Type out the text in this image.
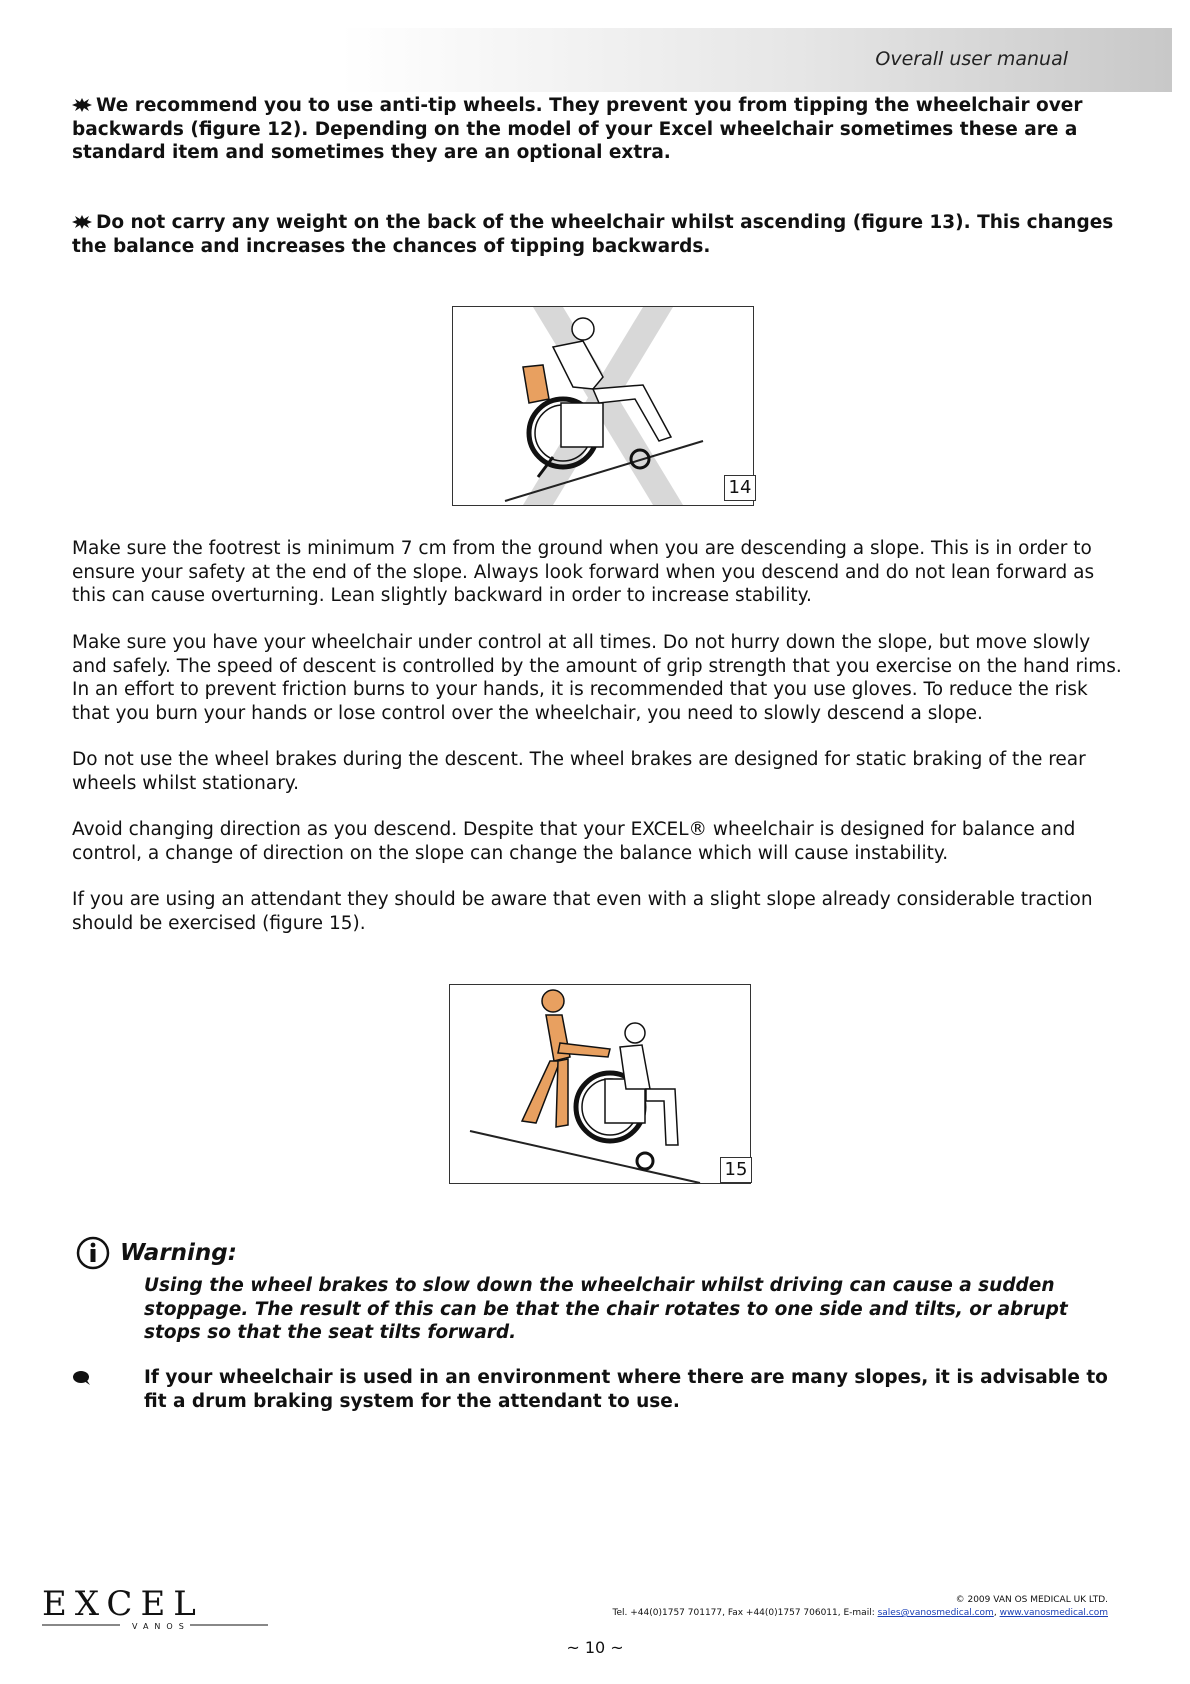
Overall user manual

We recommend you to use anti-tip wheels. They prevent you from tipping the wheelchair over backwards (figure 12). Depending on the model of your Excel wheelchair sometimes these are a standard item and sometimes they are an optional extra.

Do not carry any weight on the back of the wheelchair whilst ascending (figure 13). This changes the balance and increases the chances of tipping backwards.

14

Make sure the footrest is minimum 7 cm from the ground when you are descending a slope. This is in order to ensure your safety at the end of the slope. Always look forward when you descend and do not lean forward as this can cause overturning. Lean slightly backward in order to increase stability.

Make sure you have your wheelchair under control at all times. Do not hurry down the slope, but move slowly and safely. The speed of descent is controlled by the amount of grip strength that you exercise on the hand rims. In an effort to prevent friction burns to your hands, it is recommended that you use gloves. To reduce the risk that you burn your hands or lose control over the wheelchair, you need to slowly descend a slope.

Do not use the wheel brakes during the descent. The wheel brakes are designed for static braking of the rear wheels whilst stationary.

Avoid changing direction as you descend. Despite that your EXCEL® wheelchair is designed for balance and control, a change of direction on the slope can change the balance which will cause instability.

If you are using an attendant they should be aware that even with a slight slope already considerable traction should be exercised (figure 15).

15
Warning:
Using the wheel brakes to slow down the wheelchair whilst driving can cause a sudden stoppage. The result of this can be that the chair rotates to one side and tilts, or abrupt stops so that the seat tilts forward.
If your wheelchair is used in an environment where there are many slopes, it is advisable to fit a drum braking system for the attendant to use.
EXCEL
VANOS
© 2009 VAN OS MEDICAL UK LTD.
Tel. +44(0)1757 701177, Fax +44(0)1757 706011, E-mail: sales@vanosmedical.com, www.vanosmedical.com
~ 10 ~
